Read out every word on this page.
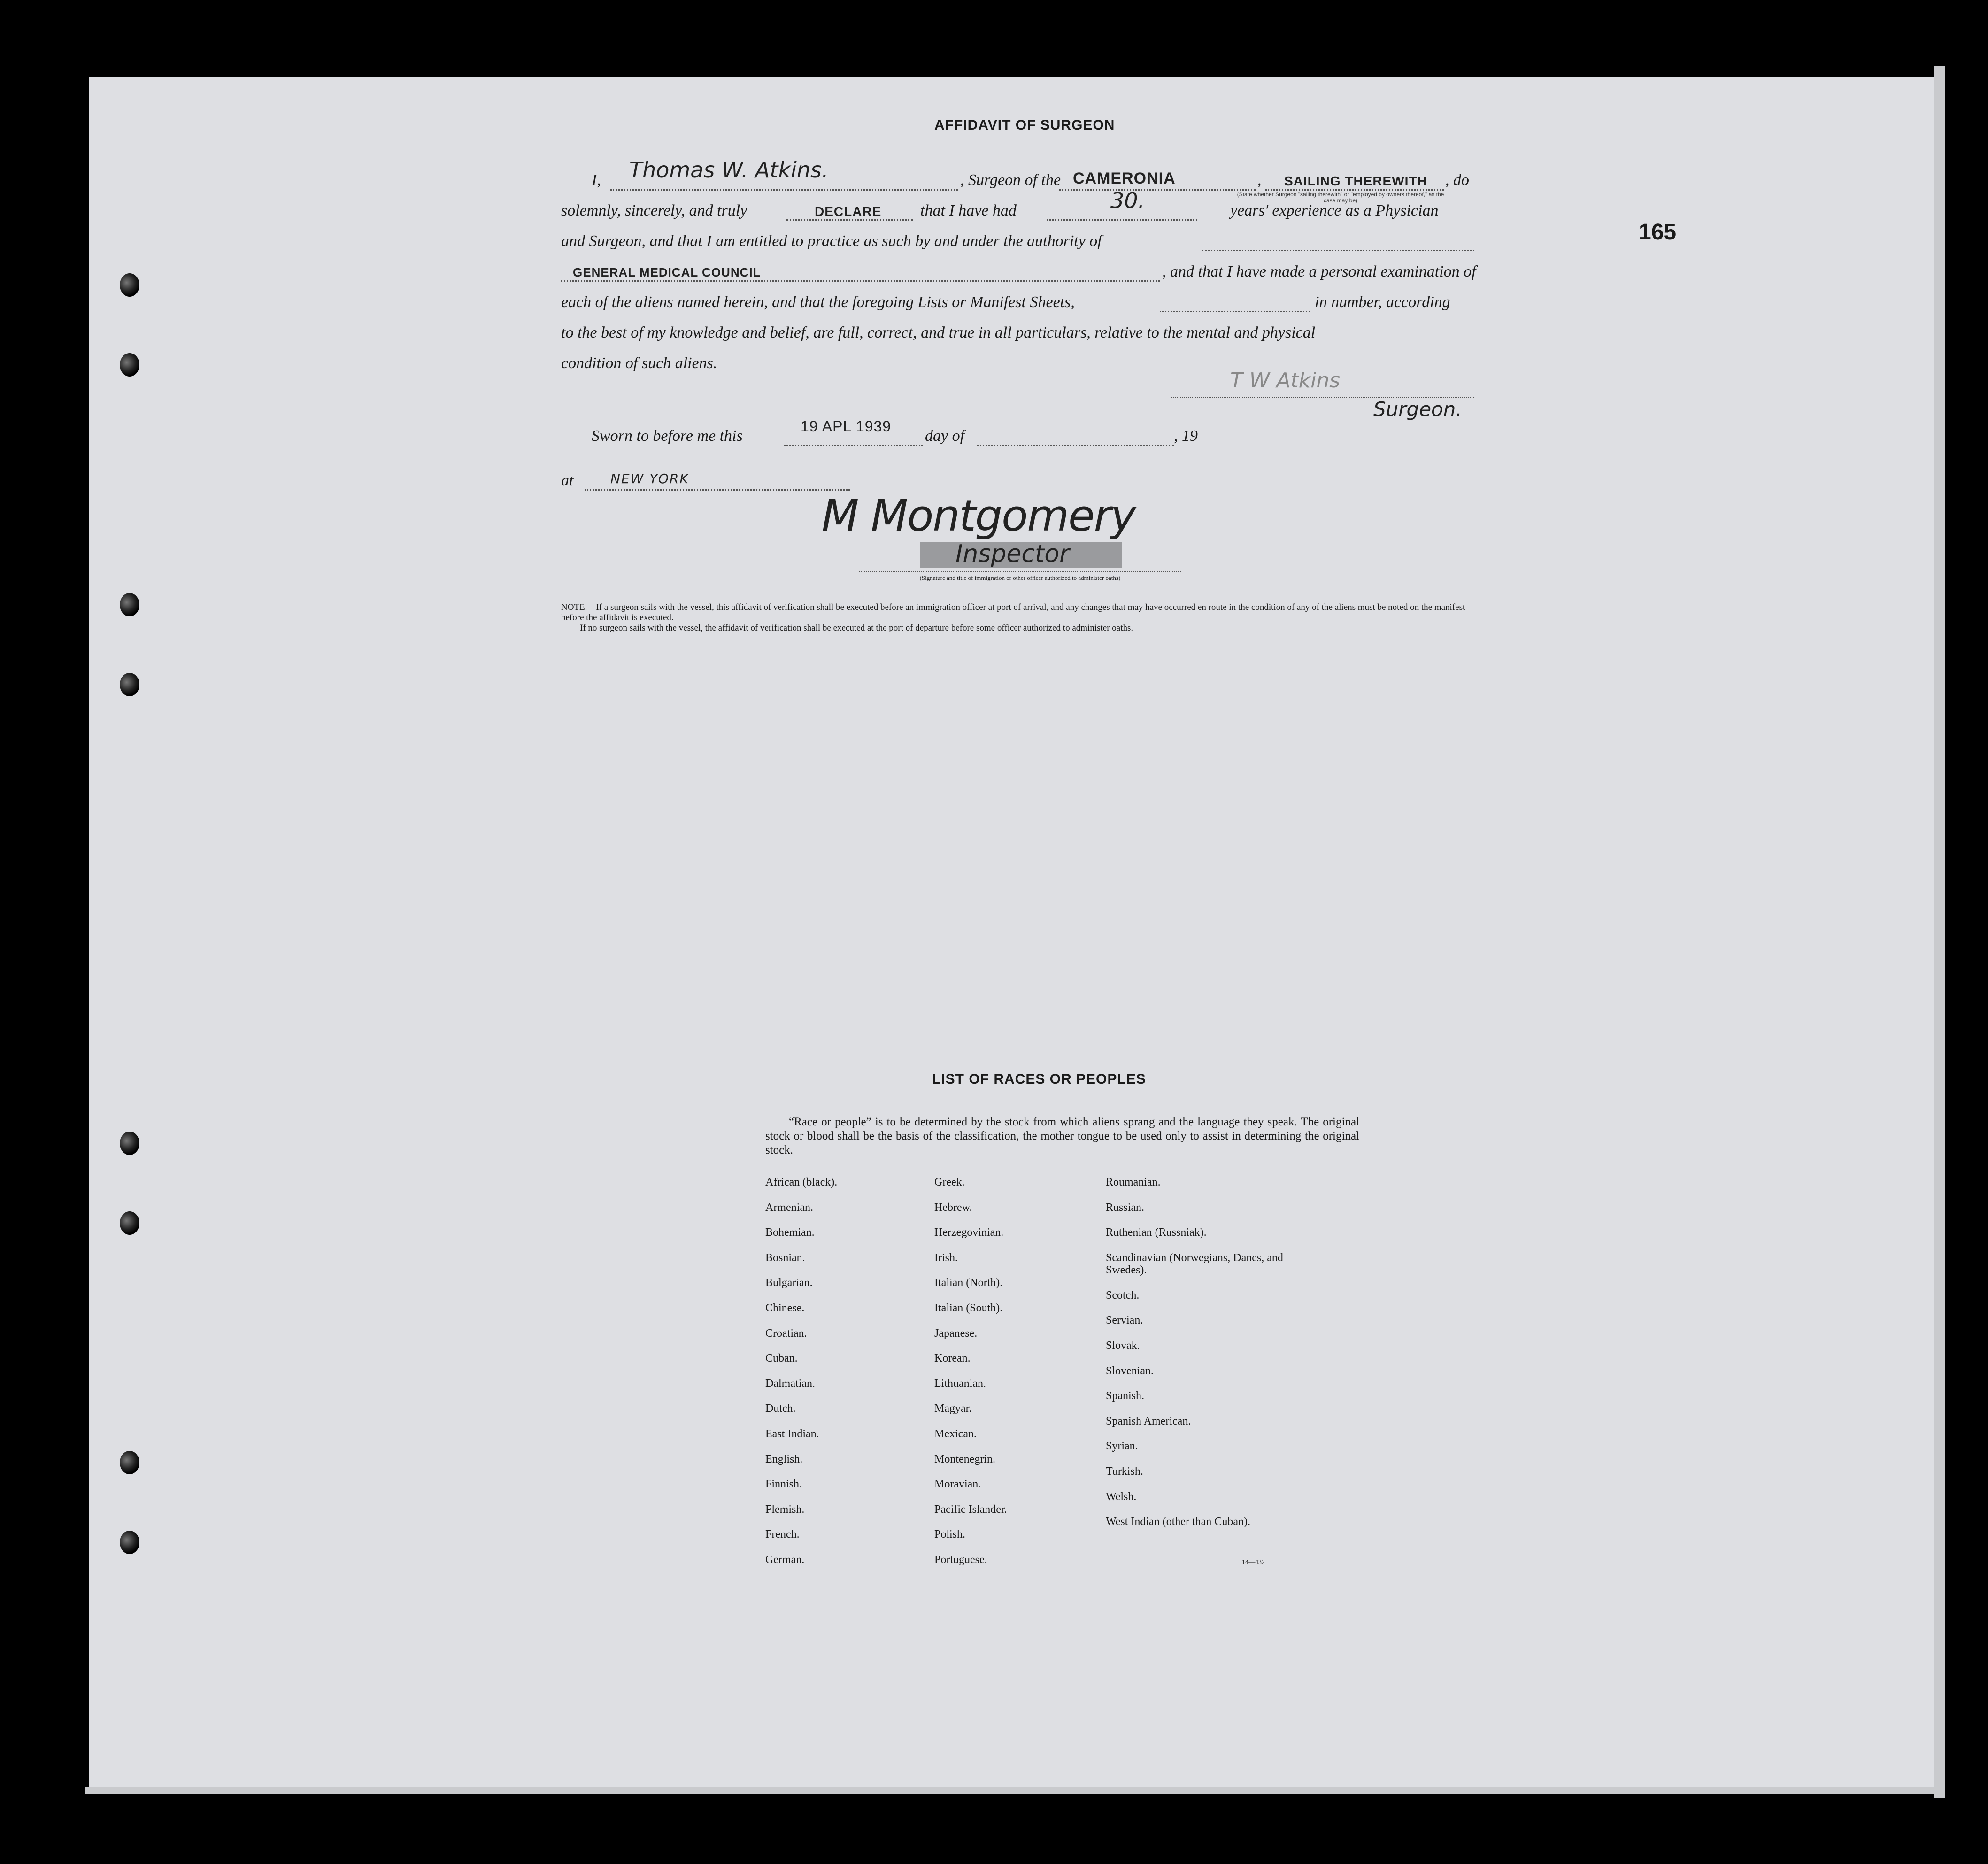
165
AFFIDAVIT OF SURGEON
I, Thomas W. Atkins.	, Surgeon of the CAMERONIA	, SAILING THEREWITH , do
(State whether Surgeon "sailing therewith" or "employed by owners thereof," as the case may be)
solemnly, sincerely, and truly	DECLARE that I have had	30.	years' experience as a Physician
and Surgeon, and that I am entitled to practice as such by and under the authority of
GENERAL MEDICAL COUNCIL	, and that I have made a personal examination of
each of the aliens named herein, and that the foregoing Lists or Manifest Sheets,	in number, according
to the best of my knowledge and belief, are full, correct, and true in all particulars, relative to the mental and physical
condition of such aliens.
T W Atkins
Surgeon.
Sworn to before me this
19 APL 1939
day of	, 19
at	NEW YORK
M Montgomery
Inspector
(Signature and title of immigration or other officer authorized to administer oaths)
NOTE.—If a surgeon sails with the vessel, this affidavit of verification shall be executed before an immigration officer at port of arrival, and any changes that may have occurred en route in the condition of any of the aliens must be noted on the manifest before the affidavit is executed.
If no surgeon sails with the vessel, the affidavit of verification shall be executed at the port of departure before some officer authorized to administer oaths.
LIST OF RACES OR PEOPLES
“Race or people” is to be determined by the stock from which aliens sprang and the language they speak. The original stock or blood shall be the basis of the classification, the mother tongue to be used only to assist in determining the original stock.
African (black).
Armenian.
Bohemian.
Bosnian.
Bulgarian.
Chinese.
Croatian.
Cuban.
Dalmatian.
Dutch.
East Indian.
English.
Finnish.
Flemish.
French.
German.
Greek.
Hebrew.
Herzegovinian.
Irish.
Italian (North).
Italian (South).
Japanese.
Korean.
Lithuanian.
Magyar.
Mexican.
Montenegrin.
Moravian.
Pacific Islander.
Polish.
Portuguese.
Roumanian.
Russian.
Ruthenian (Russniak).
Scandinavian (Norwegians, Danes, and Swedes).
Scotch.
Servian.
Slovak.
Slovenian.
Spanish.
Spanish American.
Syrian.
Turkish.
Welsh.
West Indian (other than Cuban).
14—432
